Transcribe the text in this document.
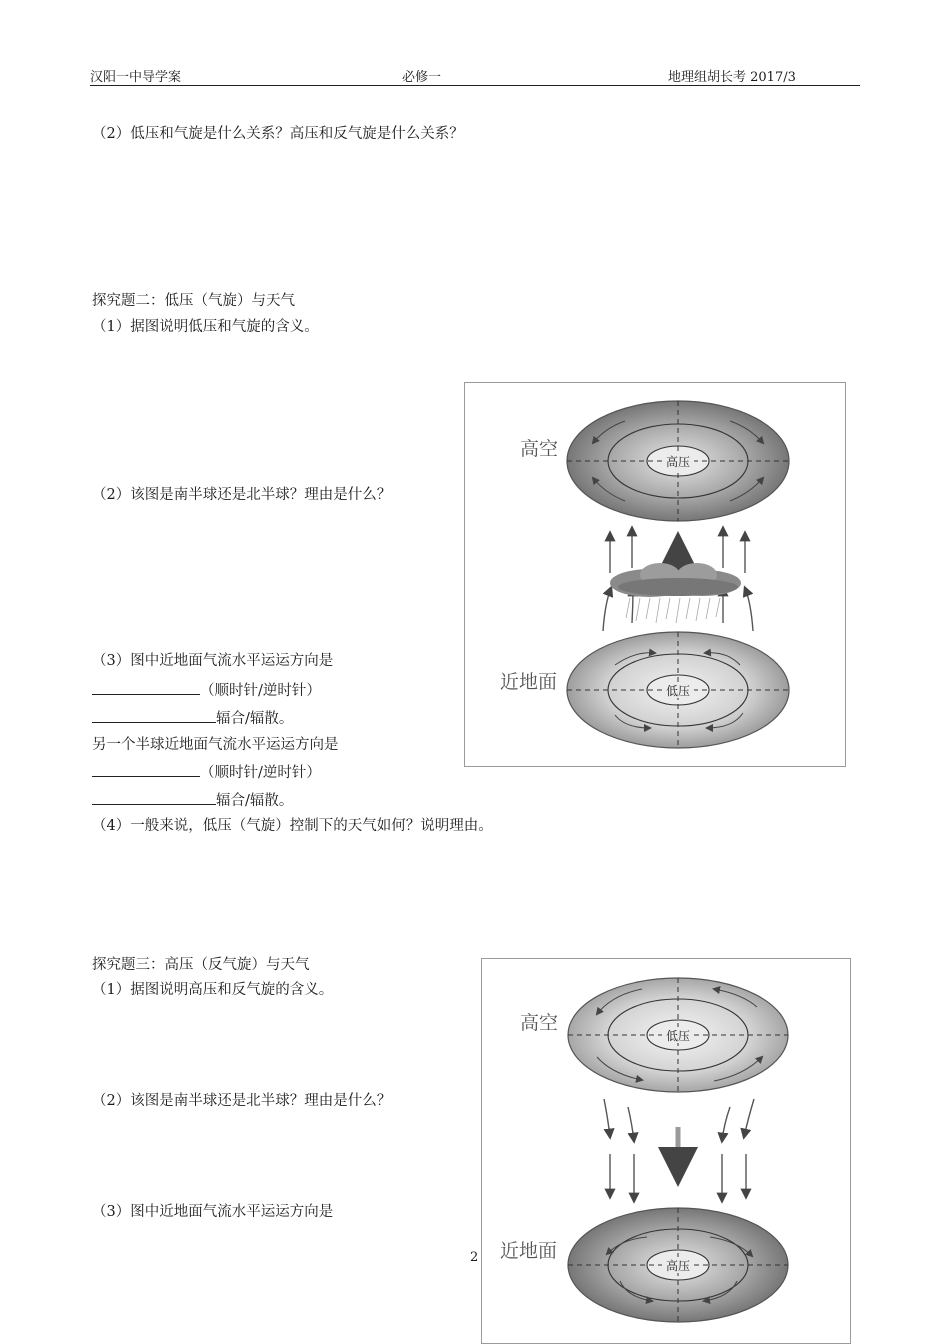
汉阳一中导学案	必修一	地理组胡长考 2017/3
（2）低压和气旋是什么关系？高压和反气旋是什么关系？
探究题二：低压（气旋）与天气
（1）据图说明低压和气旋的含义。
（2）该图是南半球还是北半球？理由是什么？
（3）图中近地面气流水平运运方向是
（顺时针/逆时针）
辐合/辐散。
另一个半球近地面气流水平运运方向是
（顺时针/逆时针）
辐合/辐散。
（4）一般来说，低压（气旋）控制下的天气如何？说明理由。
高空
近地面
高压
低压
探究题三：高压（反气旋）与天气
（1）据图说明高压和反气旋的含义。
（2）该图是南半球还是北半球？理由是什么？
（3）图中近地面气流水平运运方向是
高空
近地面
低压
高压
2
